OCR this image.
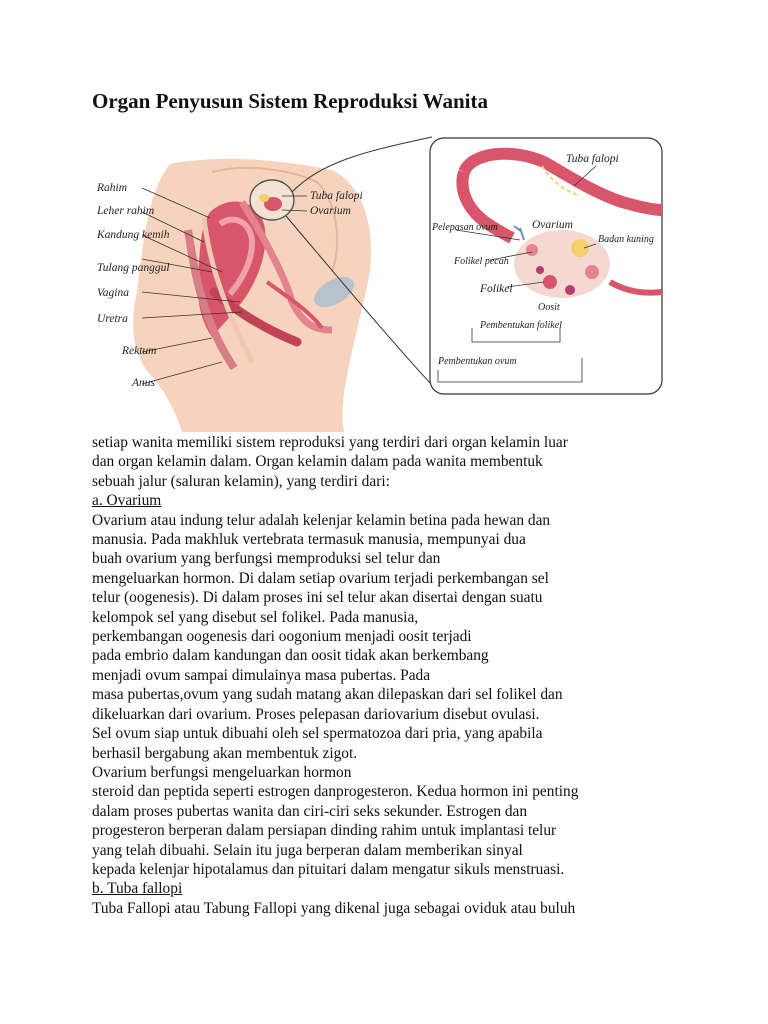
Organ Penyusun Sistem Reproduksi Wanita
Rahim
Leher rahim
Kandung kemih
Tulang panggul
Vagina
Uretra
Rektum
Anus
Tuba falopi
Ovarium
Tuba falopi
Ovarium
Pelepasan ovum
Badan kuning
Folikel pecah
Folikel
Oosit
Pembentukan folikel
Pembentukan ovum
setiap wanita memiliki sistem reproduksi yang terdiri dari organ kelamin luar
dan organ kelamin dalam. Organ kelamin dalam pada wanita membentuk
sebuah jalur (saluran kelamin), yang terdiri dari:
a. Ovarium
Ovarium atau indung telur adalah kelenjar kelamin betina pada hewan dan
manusia. Pada makhluk vertebrata termasuk manusia, mempunyai dua
buah ovarium yang berfungsi memproduksi sel telur dan
mengeluarkan hormon. Di dalam setiap ovarium terjadi perkembangan sel
telur (oogenesis). Di dalam proses ini sel telur akan disertai dengan suatu
kelompok sel yang disebut sel folikel. Pada manusia,
perkembangan oogenesis dari oogonium menjadi oosit terjadi
pada embrio dalam kandungan dan oosit tidak akan berkembang
menjadi ovum sampai dimulainya masa pubertas. Pada
masa pubertas,ovum yang sudah matang akan dilepaskan dari sel folikel dan
dikeluarkan dari ovarium. Proses pelepasan dariovarium disebut ovulasi.
Sel ovum siap untuk dibuahi oleh sel spermatozoa dari pria, yang apabila
berhasil bergabung akan membentuk zigot.
Ovarium berfungsi mengeluarkan hormon
steroid dan peptida seperti estrogen danprogesteron. Kedua hormon ini penting
dalam proses pubertas wanita dan ciri-ciri seks sekunder. Estrogen dan
progesteron berperan dalam persiapan dinding rahim untuk implantasi telur
yang telah dibuahi. Selain itu juga berperan dalam memberikan sinyal
kepada kelenjar hipotalamus dan pituitari dalam mengatur sikuls menstruasi.
b. Tuba fallopi
Tuba Fallopi atau Tabung Fallopi yang dikenal juga sebagai oviduk atau buluh
